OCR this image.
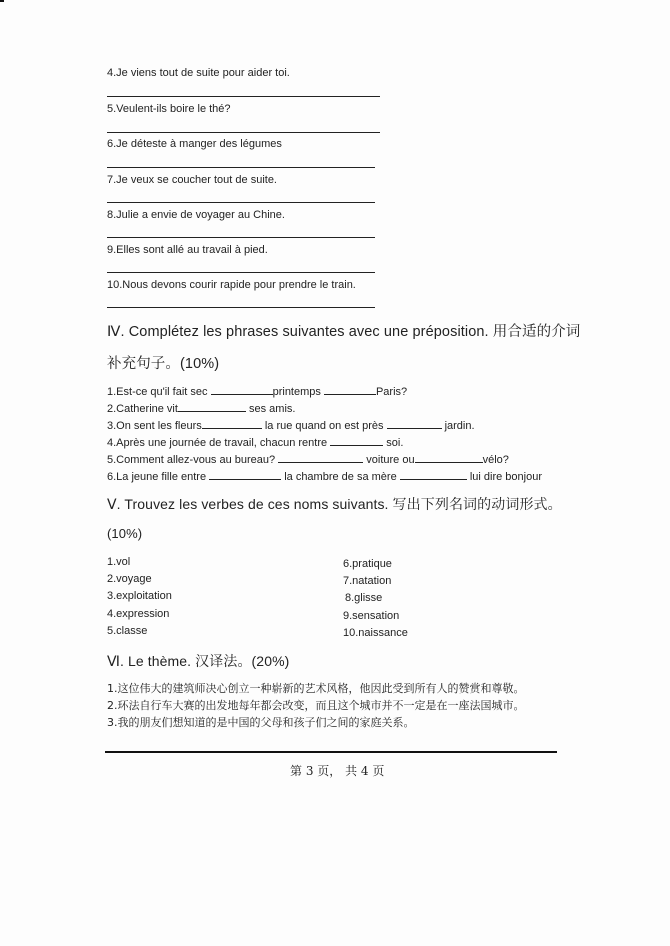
4.Je viens tout de suite pour aider toi.
5.Veulent-ils boire le thé?
6.Je déteste à manger des légumes
7.Je veux se coucher tout de suite.
8.Julie a envie de voyager au Chine.
9.Elles sont allé au travail à pied.
10.Nous devons courir rapide pour prendre le train.
Ⅳ. Complétez les phrases suivantes avec une préposition. 用合适的介词
补充句子。(10%)
1.Est-ce qu'il fait sec	printemps	Paris?
2.Catherine vit	ses amis.
3.On sent les fleurs	la rue quand on est près	jardin.
4.Après une journée de travail, chacun rentre	soi.
5.Comment allez-vous au bureau?	voiture ou	vélo?
6.La jeune fille entre	la chambre de sa mère	lui dire bonjour
Ⅴ. Trouvez les verbes de ces noms suivants. 写出下列名词的动词形式。
(10%)
1.vol
2.voyage
3.exploitation
4.expression
5.classe
6.pratique
7.natation
8.glisse
9.sensation
10.naissance
Ⅵ. Le thème. 汉译法。(20%)
1.这位伟大的建筑师决心创立一种崭新的艺术风格，他因此受到所有人的赞赏和尊敬。
2.环法自行车大赛的出发地每年都会改变，而且这个城市并不一定是在一座法国城市。
3.我的朋友们想知道的是中国的父母和孩子们之间的家庭关系。
第 3 页， 共 4 页
